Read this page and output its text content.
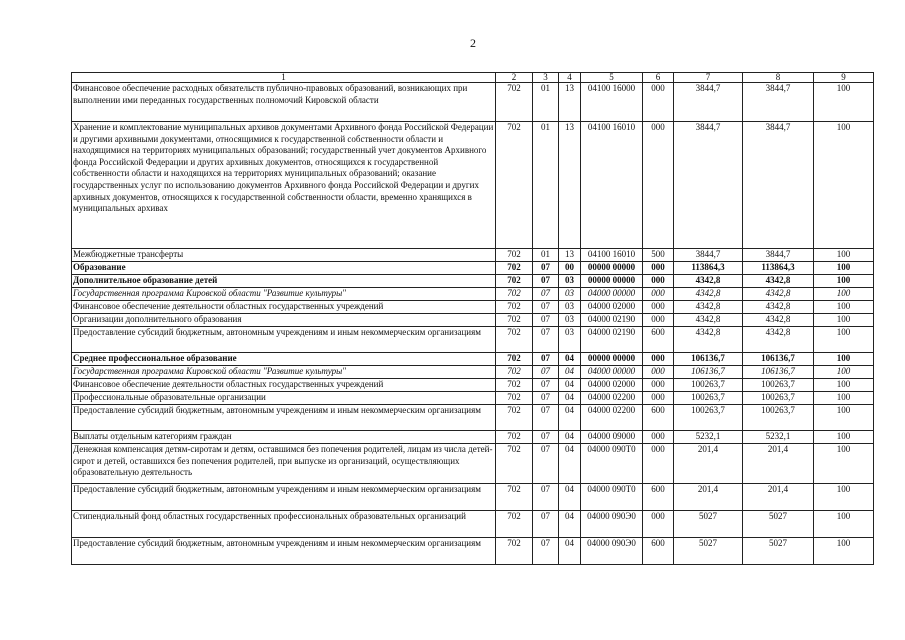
2
1	2	3	4	5	6	7	8	9
Финансовое обеспечение расходных обязательств публично-правовых образований, возникающих при выполнении ими переданных государственных полномочий Кировской области	702	01	13	04100 16000	000	3844,7	3844,7	100
Хранение и комплектование муниципальных архивов документами Архивного фонда Российской Федерации и другими архивными документами, относящимися к государственной собственности области и находящимися на территориях муниципальных образований; государственный учет документов Архивного фонда Российской Федерации и других архивных документов, относящихся к государственной собственности области и находящихся на территориях муниципальных образований; оказание государственных услуг по использованию документов Архивного фонда Российской Федерации и других архивных документов, относящихся к государственной собственности области, временно хранящихся в муниципальных архивах	702	01	13	04100 16010	000	3844,7	3844,7	100
Межбюджетные трансферты	702	01	13	04100 16010	500	3844,7	3844,7	100
Образование	702	07	00	00000 00000	000	113864,3	113864,3	100
Дополнительное образование детей	702	07	03	00000 00000	000	4342,8	4342,8	100
Государственная программа Кировской области "Развитие культуры"	702	07	03	04000 00000	000	4342,8	4342,8	100
Финансовое обеспечение деятельности областных государственных учреждений	702	07	03	04000 02000	000	4342,8	4342,8	100
Организации дополнительного образования	702	07	03	04000 02190	000	4342,8	4342,8	100
Предоставление субсидий бюджетным, автономным учреждениям и иным некоммерческим организациям	702	07	03	04000 02190	600	4342,8	4342,8	100
Среднее профессиональное образование	702	07	04	00000 00000	000	106136,7	106136,7	100
Государственная программа Кировской области "Развитие культуры"	702	07	04	04000 00000	000	106136,7	106136,7	100
Финансовое обеспечение деятельности областных государственных учреждений	702	07	04	04000 02000	000	100263,7	100263,7	100
Профессиональные образовательные организации	702	07	04	04000 02200	000	100263,7	100263,7	100
Предоставление субсидий бюджетным, автономным учреждениям и иным некоммерческим организациям	702	07	04	04000 02200	600	100263,7	100263,7	100
Выплаты отдельным категориям граждан	702	07	04	04000 09000	000	5232,1	5232,1	100
Денежная компенсация детям-сиротам и детям, оставшимся без попечения родителей, лицам из числа детей-сирот и детей, оставшихся без попечения родителей, при выпуске из организаций, осуществляющих образовательную деятельность	702	07	04	04000 090Т0	000	201,4	201,4	100
Предоставление субсидий бюджетным, автономным учреждениям и иным некоммерческим организациям	702	07	04	04000 090Т0	600	201,4	201,4	100
Стипендиальный фонд областных государственных профессиональных образовательных организаций	702	07	04	04000 090Э0	000	5027	5027	100
Предоставление субсидий бюджетным, автономным учреждениям и иным некоммерческим организациям	702	07	04	04000 090Э0	600	5027	5027	100
